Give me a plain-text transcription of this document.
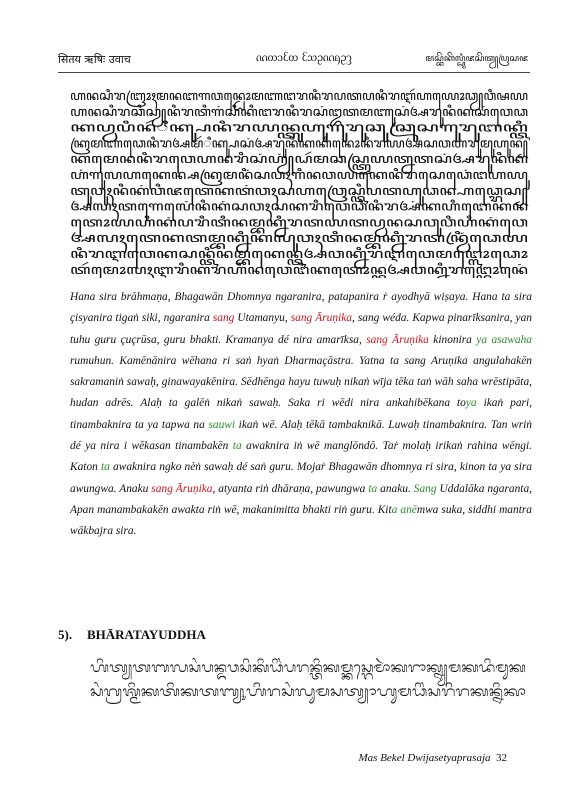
सितय ऋषिः उवाच	ᦶᦎᦱᦷᦎ ᦷᦉᦳᦶᦏᦳᦡ	ꦩꦱ꧀ꦧꦼꦏꦼꦭ꧀ꦝ꧀ꦮꦶꦗꦱꦼꦠꦾꦥꦿꦱꦗ
ꦲꦤꦱꦶꦫꦧꦿꦴꦃꦩꦤꦧꦒꦮꦤ꧀ꦝꦺꦴꦩꦚꦔꦫꦤꦶꦫꦥꦠꦥꦤꦶꦫꦆꦂꦲꦪꦺꦴꦣꦾꦮꦶꦰꦪ
ꦲꦤꦱꦶꦫꦕꦶꦱꦾꦤꦶꦫꦠꦶꦒꦁꦱꦶꦏꦶꦔꦫꦤꦶꦫꦱꦁꦈꦠꦩꦚꦸꦱꦁꦄꦫꦸꦤꦶꦏꦱꦁꦮꦺꦣ
ꦏꦥ꧀ꦮꦥꦶꦤꦂꦶꦏ꧀ꦰꦤꦶꦫꦪꦤ꧀ꦠꦸꦲꦸꦒꦸꦫꦸꦕꦸꦕꦿꦸꦱꦒꦸꦫꦸꦧꦏ꧀ꦠꦶ
ꦏꦿꦩꦚꦣꦺꦤꦶꦫꦄꦩꦂꦶꦏ꧀ꦰꦱꦁꦄꦫꦸꦤꦶꦏꦏꦶꦤꦺꦴꦤꦶꦫꦪꦄꦱꦮꦲꦫꦸꦩꦸꦲꦸꦤ꧀
ꦏꦩꦺꦤꦤꦶꦫꦮꦺꦲꦤꦫꦶꦱꦁꦲꦾꦁꦝꦂꦩꦕꦱ꧀ꦠꦿꦪꦠ꧀ꦤꦠꦱꦁꦄꦫꦸꦤꦶꦏ
ꦲꦁꦒꦸꦭꦲꦏꦺꦤ꧀ꦱꦏꦿꦩꦤꦶꦁꦱꦮꦃꦒꦶꦤꦮꦪꦏꦺꦤꦶꦫꦱꦺꦣꦺꦁꦔꦲꦪꦸ
ꦠꦸꦮꦸꦃꦤꦶꦏꦁꦮꦶꦗꦠꦺꦏꦠꦁꦮꦃꦱꦲꦮꦿꦺꦱ꧀ꦠꦶꦥꦠꦲꦸꦣꦤ꧀ꦲꦣ꧀ꦫꦺꦱ꧀
ꦄꦭꦃꦠꦒꦺꦭꦺꦁꦤꦶꦏꦁꦱꦮꦃꦱꦏꦫꦶꦮꦺꦣꦶꦤꦶꦫꦄꦁꦏꦲꦶꦧꦺꦏꦤ
ꦠꦺꦴꦪꦲꦶꦏꦁꦥꦫꦶꦠꦶꦤꦩ꧀ꦧꦏ꧀ꦤꦶꦫꦠꦪꦠꦥ꧀ꦮꦤꦱꦮꦸꦮꦶꦲꦶꦏꦁꦮꦺ
ꦄꦭꦃꦠꦺꦏꦠꦩ꧀ꦧꦏ꧀ꦤꦶꦏꦭꦸꦮꦃꦠꦶꦤꦩ꧀ꦧꦏ꧀ꦤꦶꦫꦠꦤ꧀ꦮꦿꦶꦁꦣꦺꦪ
ꦤꦶꦫꦆꦮꦺꦏꦱꦤ꧀ꦠꦶꦤꦩ꧀ꦧꦏꦺꦤ꧀ꦠꦄꦮꦏ꧀ꦤꦶꦫꦆꦮꦺꦩꦔ꧀ꦭꦺꦴꦣꦺꦴ
ꦠꦂꦩꦺꦴꦭꦃꦆꦫꦶꦏꦁꦫꦲꦶꦤꦮꦺꦔꦶꦏꦠꦺꦴꦤ꧀ꦠꦄꦮꦏ꧀ꦤꦶꦫꦔ꧀ꦏꦺꦴꦤꦺꦁ
Hana sira brāhmaṇa, Bhagawān Dhomnya ngaranira, patapanira ṙ ayodhyā wiṣaya. Hana ta sira çisyanira tigaṅ siki, ngaranira sang Utamanyu, sang Āruṇika, sang wéda. Kapwa pinarīksanira, yan tuhu guru çuçrūsa, guru bhakti. Kramanya dé nira amarīksa, sang Āruṇika kinonira ya asawaha rumuhun. Kamēnānira wēhana ri saṅ hyaṅ Dharmaçāstra. Yatna ta sang Aruṇika angulahakēn sakramaniṅ sawaḥ, ginawayakēnira. Sēdhēnga hayu tuwuḥ nikaṅ wīja tēka taṅ wāh saha wrēstipāta, hudan adrēs. Alaḥ ta galēṅ nikaṅ sawaḥ. Saka ri wēdi nira ankahibēkana toya ikaṅ pari, tinambaknira ta ya tapwa na sauwi ikaṅ wē. Alaḥ tēkā tambaknikā. Luwaḥ tinambaknira. Tan wriṅ dé ya nira i wēkasan tinambakēn ta awaknira iṅ wē manglōndō. Taṙ molaḥ irikaṅ rahina wēngi. Katon ta awaknira ngko nèṅ sawaḥ dé saṅ guru. Mojaṙ Bhagawān dhomnya ri sira, kinon ta ya sira awungwa. Anaku sang Āruṇika, atyanta riṅ dhāraṇa, pawungwa ta anaku. Sang Uddalāka ngaranta, Apan manambakakēn awakta riṅ wē, makanimitta bhakti riṅ guru. Kita anēmwa suka, siddhi mantra wākbajra sira.
5). BHĀRATAYUDDHA
ᬳᬶᬢ᭄ᬬᬢᬩᬮᬲᬂᬧᬦ᭄ᬤᬯᬲᬶᬓᬶᬥᬶᬂᬧᬭᬦ᭄ᬢᬶᬓᬫ᭄ᬓᬲ᭄ᬕᬾᬫᬵᬃᬓᬭᬵᬓ᭄ᬦ᭄ᬬᬫᬓᬤᬶᬫᬸᬓ
ᬲᬂᬕ᭄ᬭᬰ᭄ᬫᬶᬓᬢᬶᬓᬢᬩ᭄ᬬᬸᬳᬶᬭᬲᬂᬮᬸᬫᬲᬢ᭄ᬬᬵᬳᬸᬫᬥᬶᬂᬲᬭᬶᬭᬓᬦ᭄ᬦᬶᬓᬵ
Mas Bekel Dwijasetyaprasaja 32
